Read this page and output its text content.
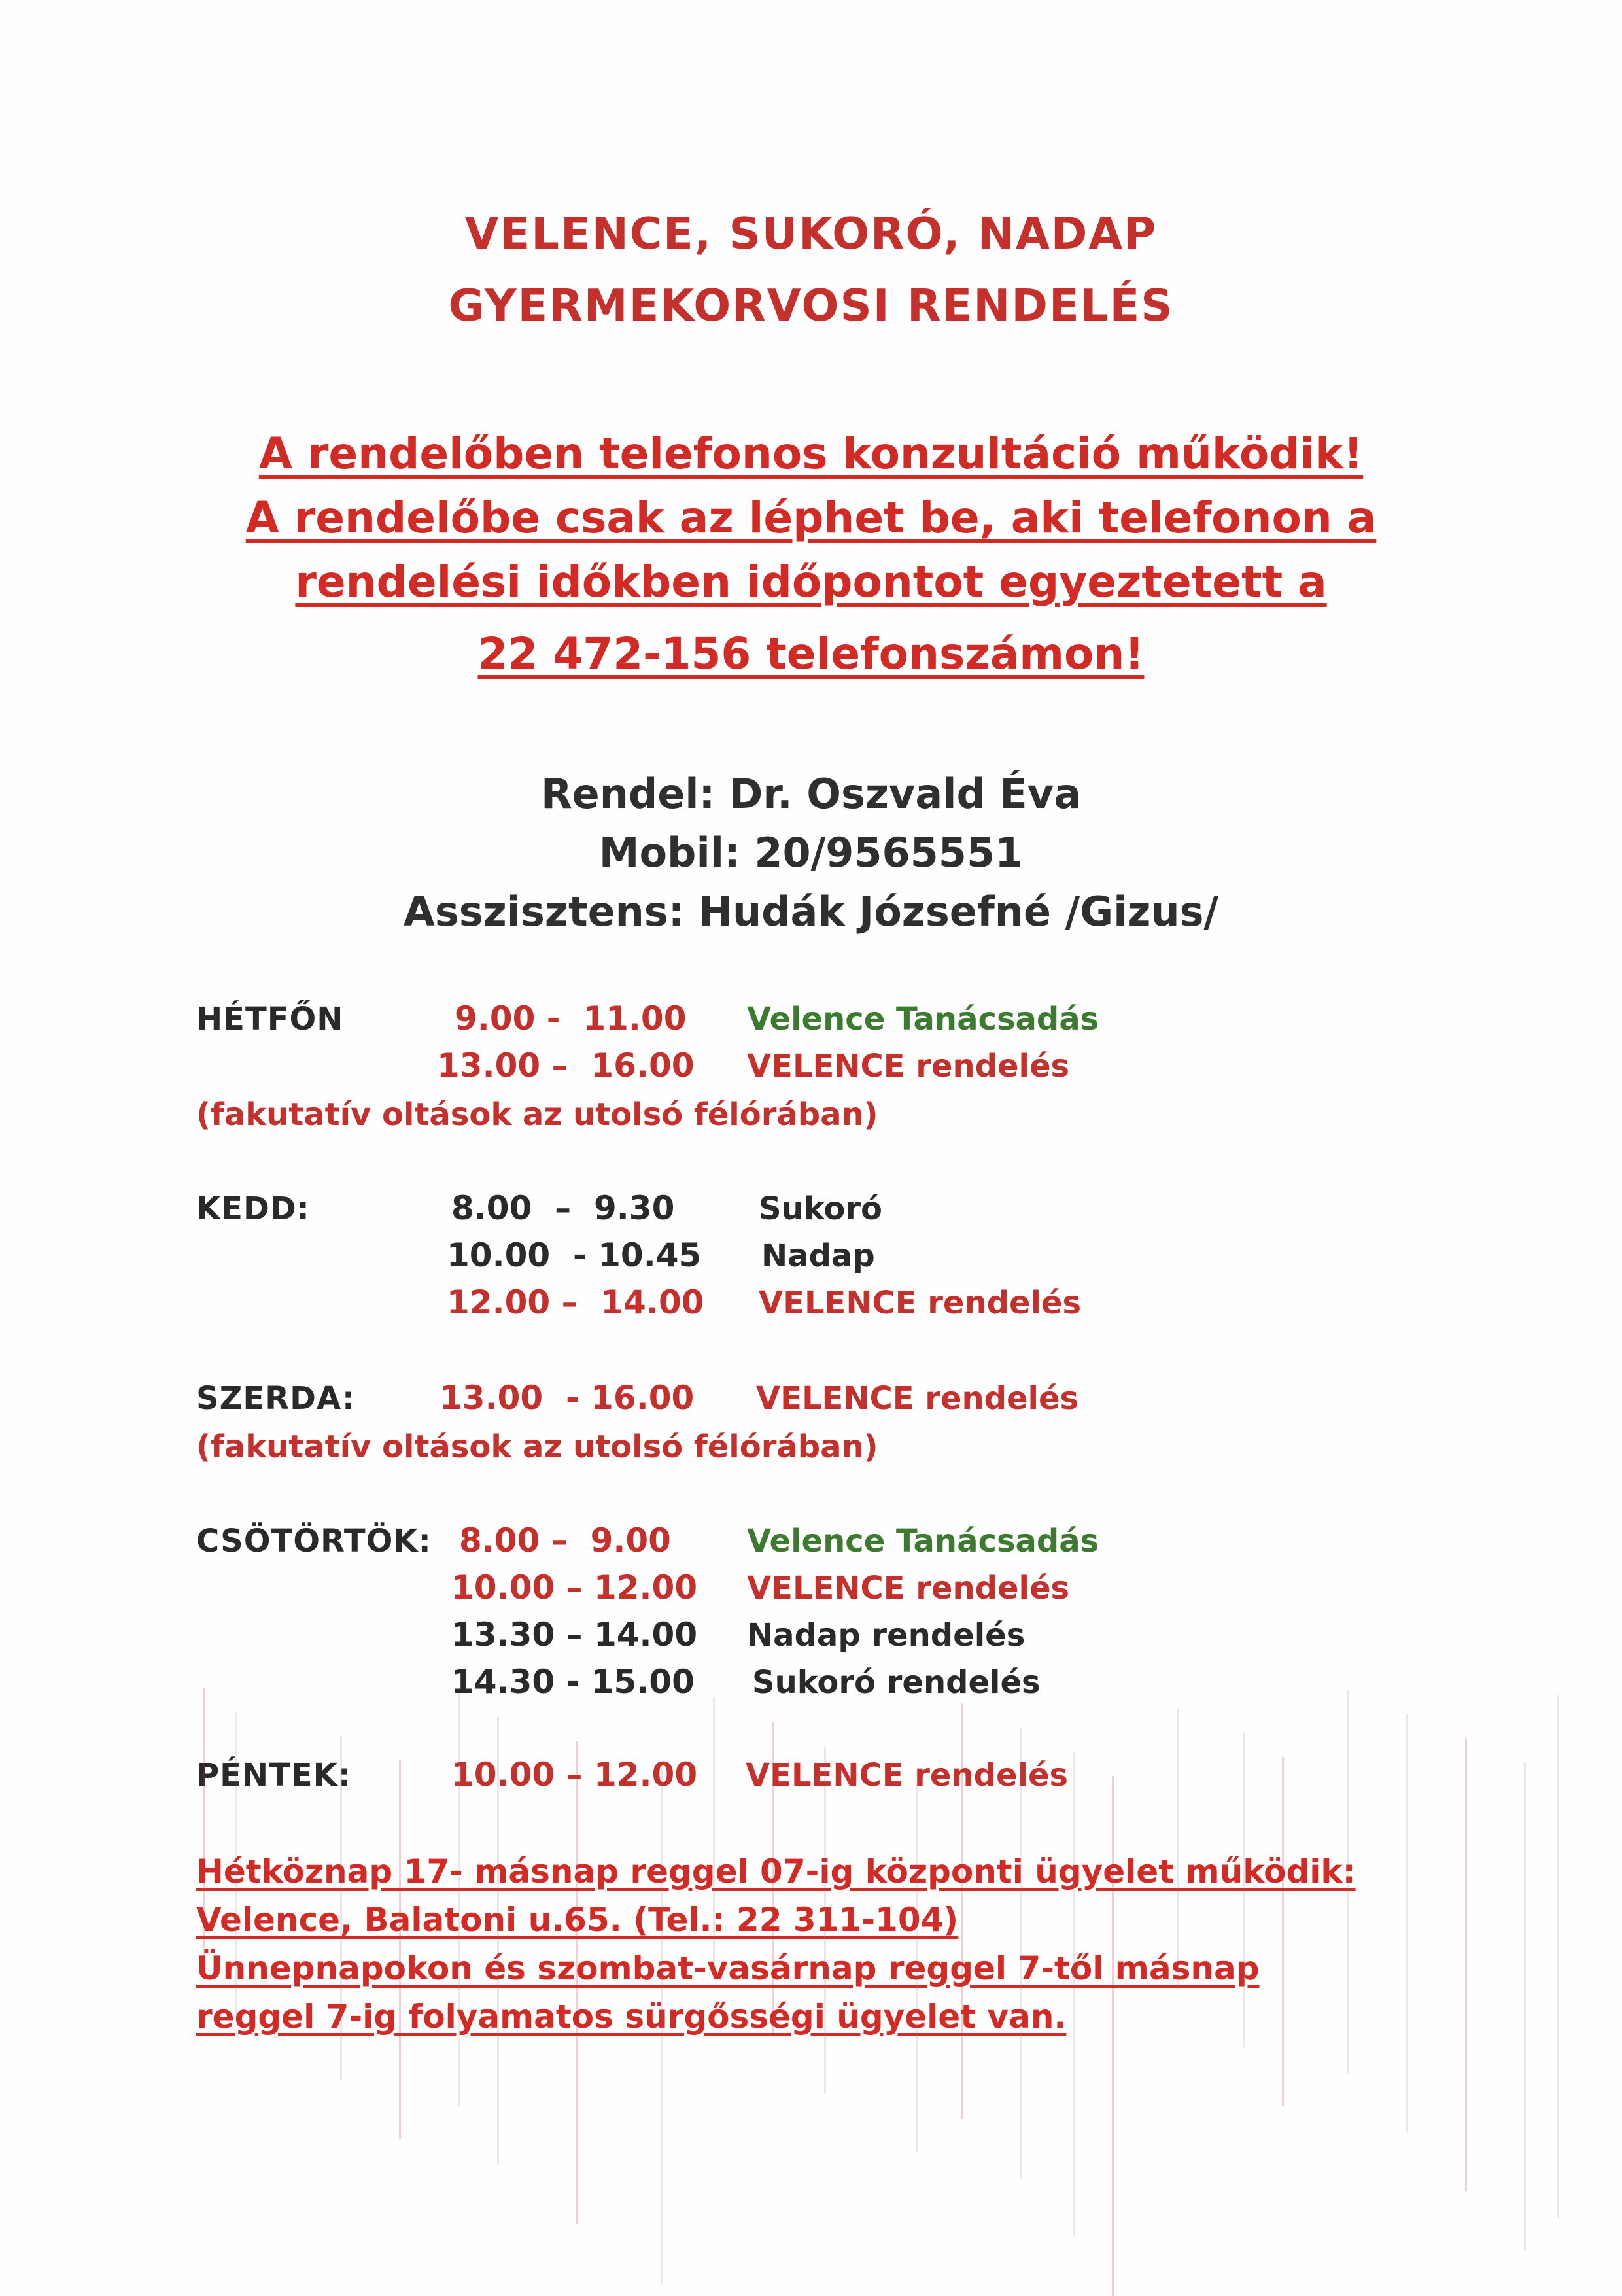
VELENCE, SUKORÓ, NADAP
GYERMEKORVOSI RENDELÉS
A rendelőben telefonos konzultáció működik!
A rendelőbe csak az léphet be, aki telefonon a
rendelési időkben időpontot egyeztetett a
22 472-156 telefonszámon!
Rendel: Dr. Oszvald Éva
Mobil: 20/9565551
Asszisztens: Hudák Józsefné /Gizus/
HÉTFŐN	9.00 -  11.00 Velence Tanácsadás
13.00 –  16.00 VELENCE rendelés
(fakutatív oltások az utolsó félórában)
KEDD:	8.00  –  9.30	Sukoró
10.00  - 10.45 Nadap
12.00 –  14.00 VELENCE rendelés
SZERDA:	13.00  - 16.00 VELENCE rendelés
(fakutatív oltások az utolsó félórában)
CSÖTÖRTÖK: 8.00 –  9.00 Velence Tanácsadás
10.00 – 12.00 VELENCE rendelés
13.30 – 14.00 Nadap rendelés
14.30 - 15.00 Sukoró rendelés
PÉNTEK:	10.00 – 12.00 VELENCE rendelés
Hétköznap 17- másnap reggel 07-ig központi ügyelet működik:
Velence, Balatoni u.65. (Tel.: 22 311-104)
Ünnepnapokon és szombat-vasárnap reggel 7-től másnap
reggel 7-ig folyamatos sürgősségi ügyelet van.
